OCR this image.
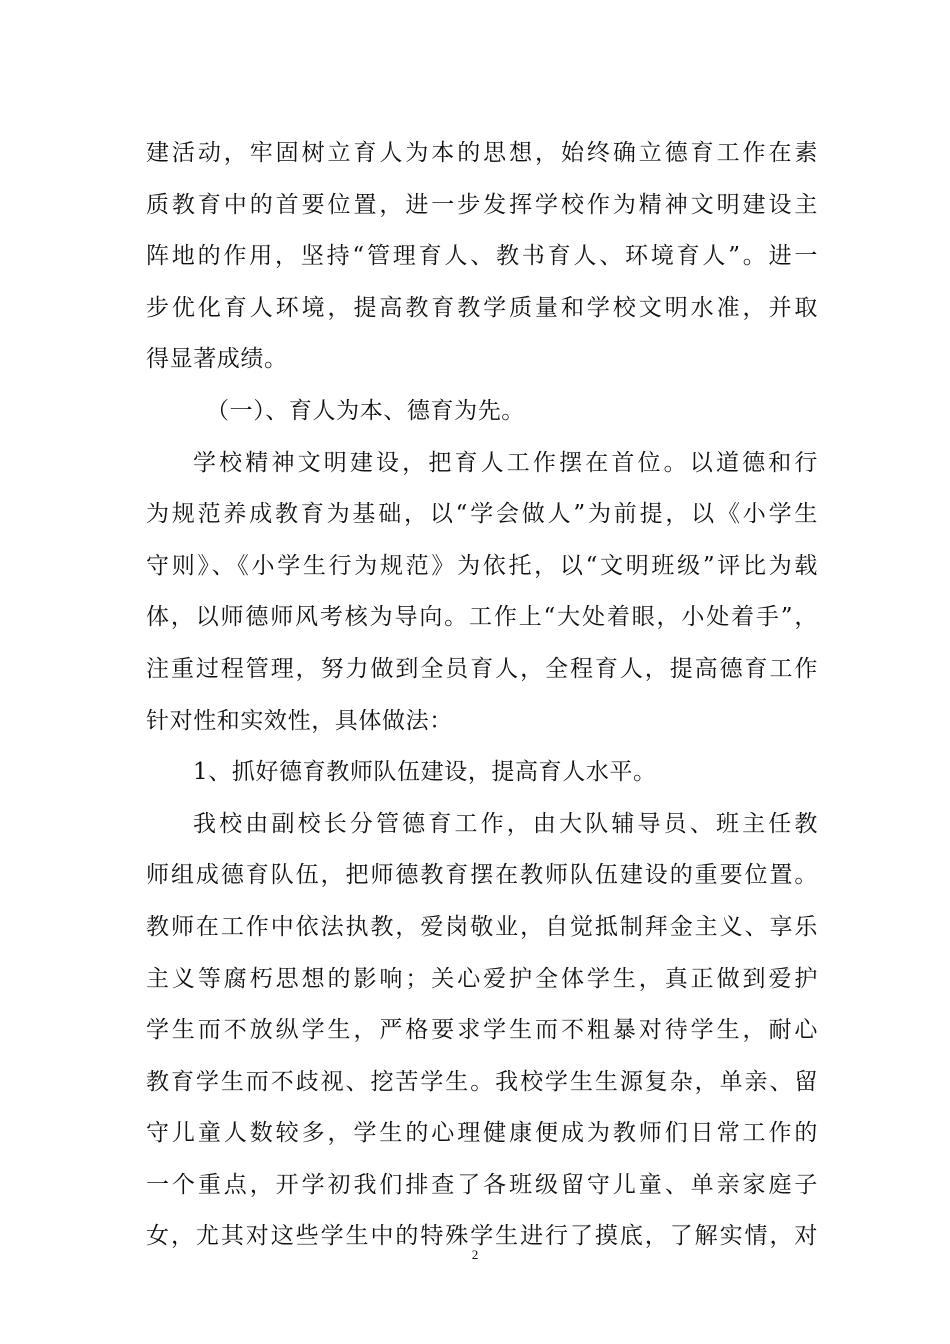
建活动，牢固树立育人为本的思想，始终确立德育工作在素
质教育中的首要位置，进一步发挥学校作为精神文明建设主
阵地的作用，坚持“管理育人、教书育人、环境育人”。进一
步优化育人环境，提高教育教学质量和学校文明水准，并取
得显著成绩。
（一）、育人为本、德育为先。
学校精神文明建设，把育人工作摆在首位。以道德和行
为规范养成教育为基础，以“学会做人”为前提，以《小学生
守则》、《小学生行为规范》为依托，以“文明班级”评比为载
体，以师德师风考核为导向。工作上“大处着眼，小处着手”，
注重过程管理，努力做到全员育人，全程育人，提高德育工作
针对性和实效性，具体做法：
1、抓好德育教师队伍建设，提高育人水平。
我校由副校长分管德育工作，由大队辅导员、班主任教
师组成德育队伍，把师德教育摆在教师队伍建设的重要位置。
教师在工作中依法执教，爱岗敬业，自觉抵制拜金主义、享乐
主义等腐朽思想的影响；关心爱护全体学生，真正做到爱护
学生而不放纵学生，严格要求学生而不粗暴对待学生，耐心
教育学生而不歧视、挖苦学生。我校学生生源复杂，单亲、留
守儿童人数较多，学生的心理健康便成为教师们日常工作的
一个重点，开学初我们排查了各班级留守儿童、单亲家庭子
女，尤其对这些学生中的特殊学生进行了摸底，了解实情，对
2
